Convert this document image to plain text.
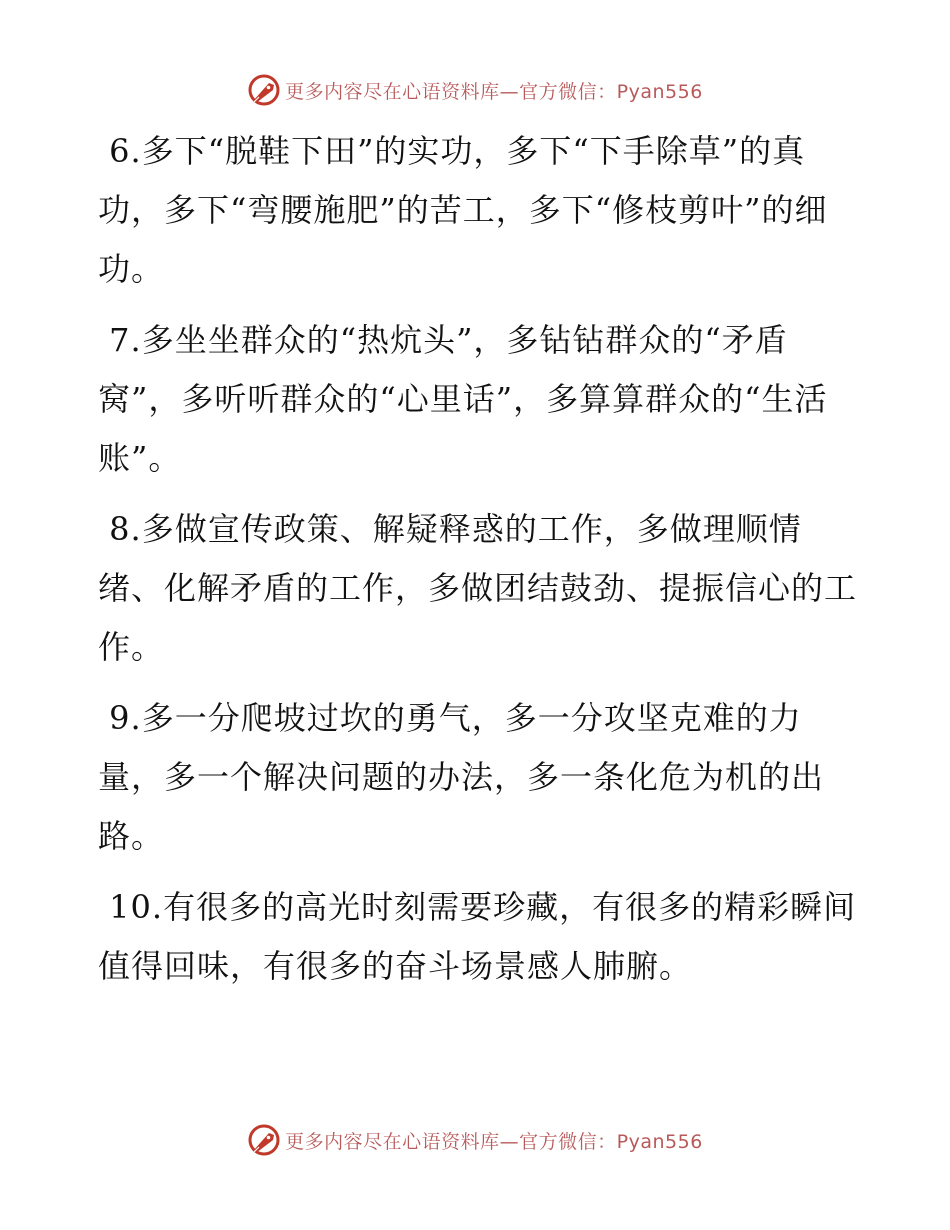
更多内容尽在心语资料库—官方微信：Pyan556

6.多下“脱鞋下田”的实功，多下“下手除草”的真功，多下“弯腰施肥”的苦工，多下“修枝剪叶”的细功。

7.多坐坐群众的“热炕头”，多钻钻群众的“矛盾窝”，多听听群众的“心里话”，多算算群众的“生活账”。

8.多做宣传政策、解疑释惑的工作，多做理顺情绪、化解矛盾的工作，多做团结鼓劲、提振信心的工作。

9.多一分爬坡过坎的勇气，多一分攻坚克难的力量，多一个解决问题的办法，多一条化危为机的出路。

10.有很多的高光时刻需要珍藏，有很多的精彩瞬间值得回味，有很多的奋斗场景感人肺腑。

更多内容尽在心语资料库—官方微信：Pyan556
